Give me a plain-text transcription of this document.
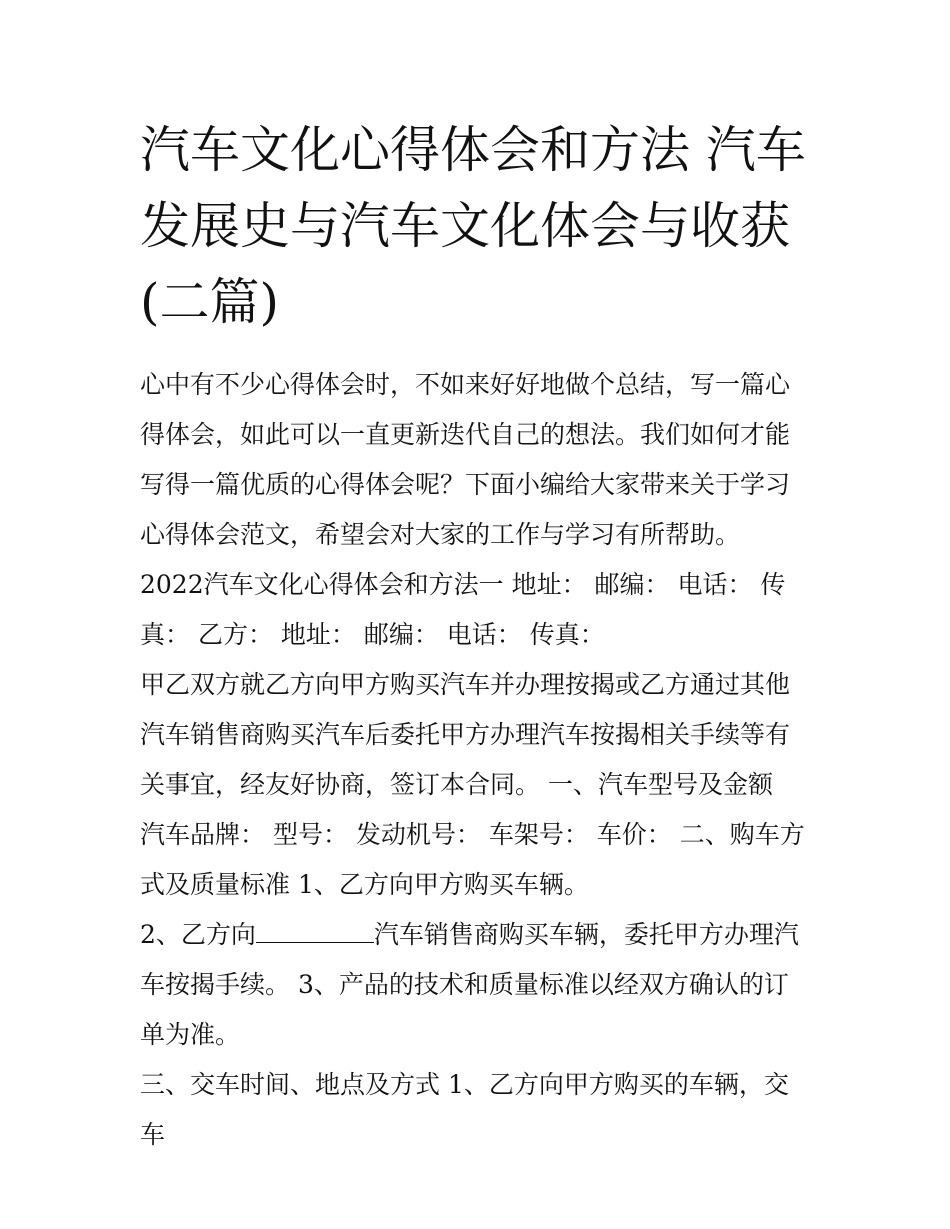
汽车文化心得体会和方法 汽车发展史与汽车文化体会与收获(二篇)

心中有不少心得体会时，不如来好好地做个总结，写一篇心得体会，如此可以一直更新迭代自己的想法。我们如何才能写得一篇优质的心得体会呢？下面小编给大家带来关于学习心得体会范文，希望会对大家的工作与学习有所帮助。

2022汽车文化心得体会和方法一 地址： 邮编： 电话： 传真： 乙方： 地址： 邮编： 电话： 传真：

甲乙双方就乙方向甲方购买汽车并办理按揭或乙方通过其他汽车销售商购买汽车后委托甲方办理汽车按揭相关手续等有关事宜，经友好协商，签订本合同。 一、汽车型号及金额

汽车品牌： 型号： 发动机号： 车架号： 车价： 二、购车方式及质量标准 1、乙方向甲方购买车辆。

2、乙方向	汽车销售商购买车辆，委托甲方办理汽车按揭手续。 3、产品的技术和质量标准以经双方确认的订单为准。

三、交车时间、地点及方式 1、乙方向甲方购买的车辆，交车
